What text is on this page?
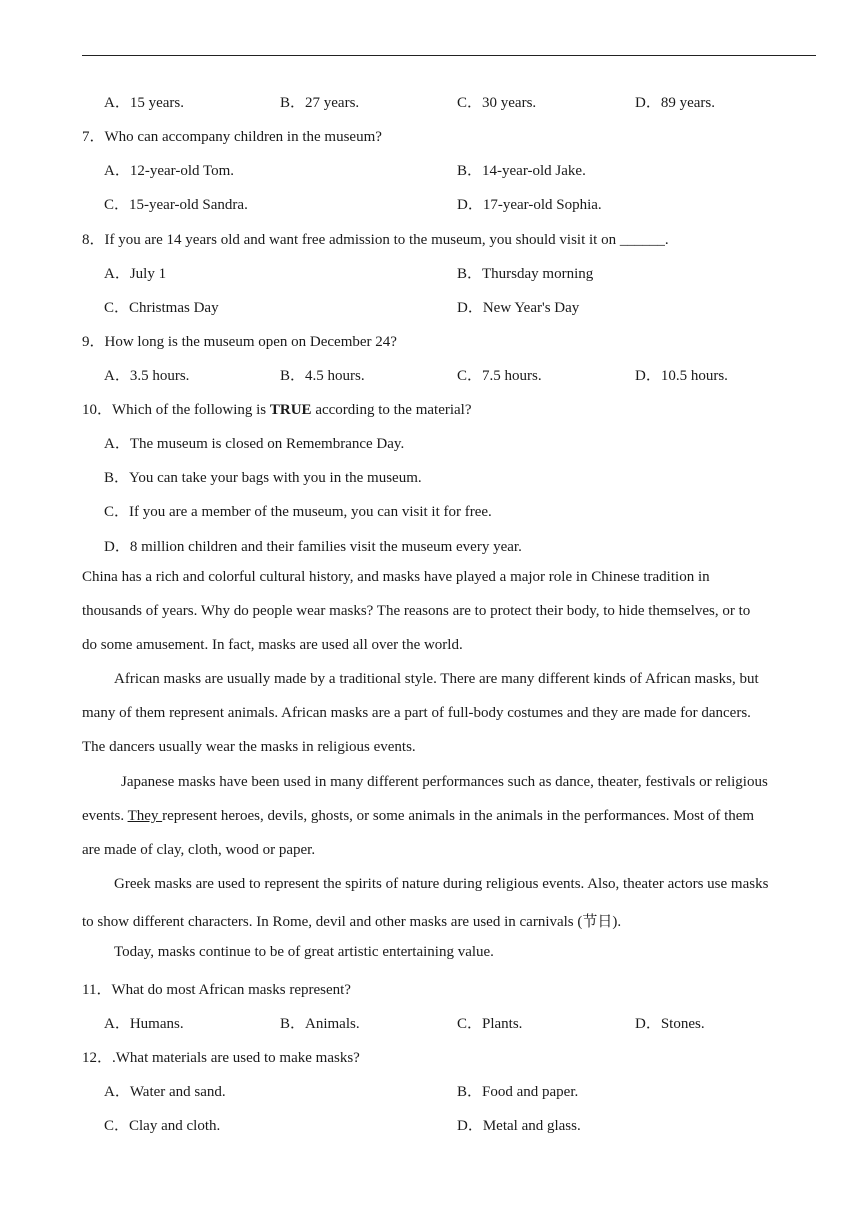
A．15 years.	B．27 years.	C．30 years.	D．89 years.
7．Who can accompany children in the museum?
A．12-year-old Tom.	B．14-year-old Jake.
C．15-year-old Sandra.	D．17-year-old Sophia.
8．If you are 14 years old and want free admission to the museum, you should visit it on ______.
A．July 1	B．Thursday morning
C．Christmas Day	D．New Year's Day
9．How long is the museum open on December 24?
A．3.5 hours.	B．4.5 hours.	C．7.5 hours.	D．10.5 hours.
10．Which of the following is TRUE according to the material?
A．The museum is closed on Remembrance Day.
B．You can take your bags with you in the museum.
C．If you are a member of the museum, you can visit it for free.
D．8 million children and their families visit the museum every year.
China has a rich and colorful cultural history, and masks have played a major role in Chinese tradition in
thousands of years. Why do people wear masks? The reasons are to protect their body, to hide themselves, or to
do some amusement. In fact, masks are used all over the world.
African masks are usually made by a traditional style. There are many different kinds of African masks, but
many of them represent animals. African masks are a part of full-body costumes and they are made for dancers.
The dancers usually wear the masks in religious events.
Japanese masks have been used in many different performances such as dance, theater, festivals or religious
events. They represent heroes, devils, ghosts, or some animals in the animals in the performances. Most of them
are made of clay, cloth, wood or paper.
Greek masks are used to represent the spirits of nature during religious events. Also, theater actors use masks
to show different characters. In Rome, devil and other masks are used in carnivals (节日).
Today, masks continue to be of great artistic entertaining value.
11．What do most African masks represent?
A．Humans.	B．Animals.	C．Plants.	D．Stones.
12．.What materials are used to make masks?
A．Water and sand.	B．Food and paper.
C．Clay and cloth.	D．Metal and glass.
